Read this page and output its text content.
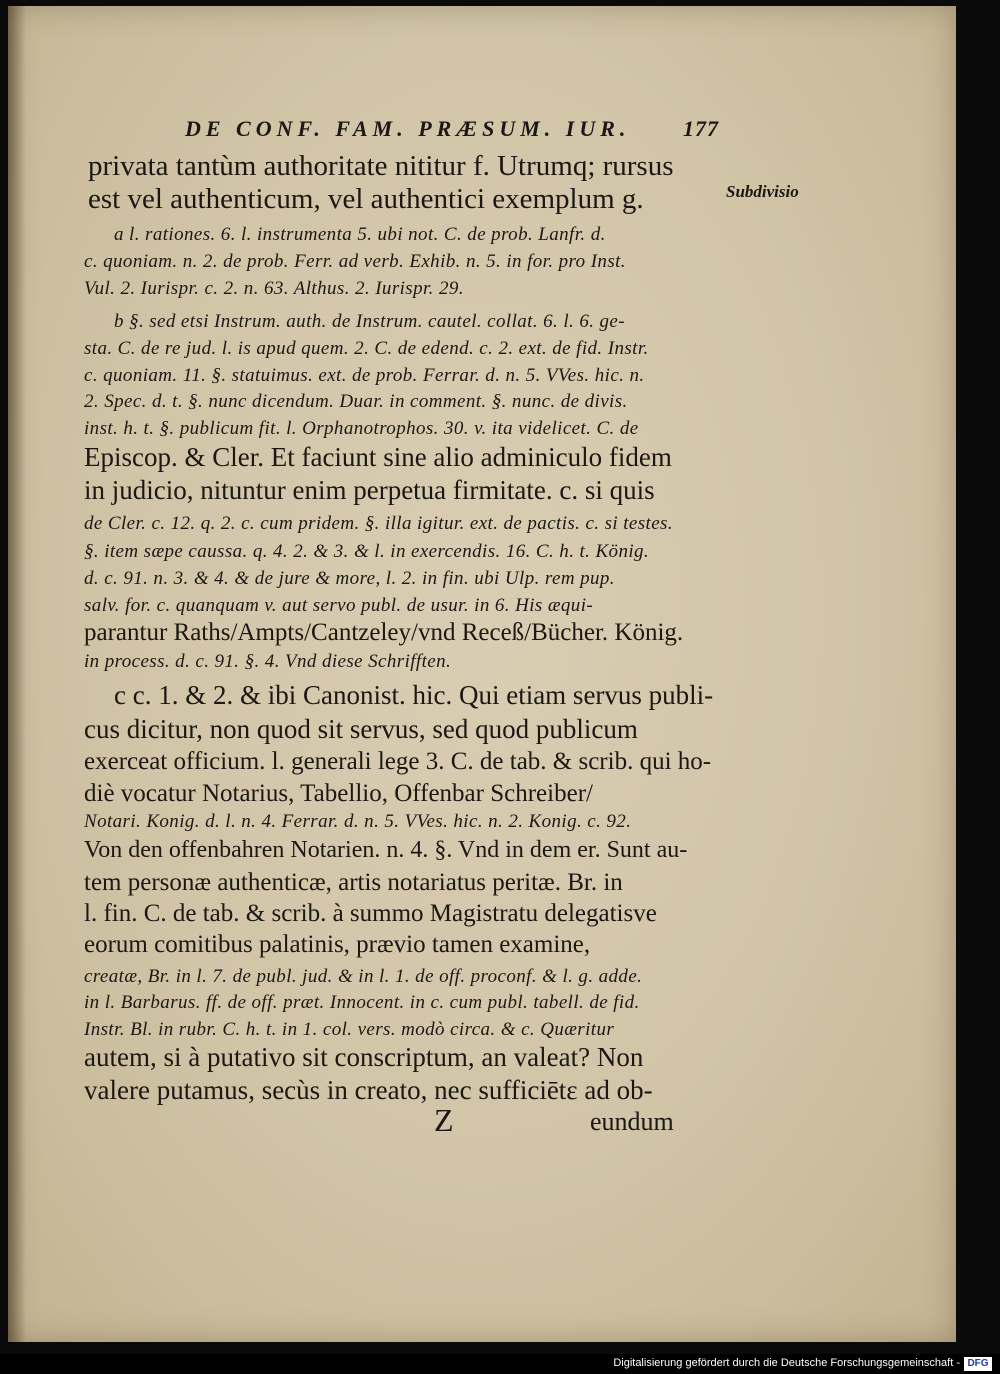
DE CONF. FAM. PRÆSUM. IUR. 177
Subdivisio
privata tantùm authoritate nititur f. Utrumq; rursus
est vel authenticum, vel authentici exemplum g.
a l. rationes. 6. l. instrumenta 5. ubi not. C. de prob. Lanfr. d.
c. quoniam. n. 2. de prob. Ferr. ad verb. Exhib. n. 5. in for. pro Inst.
Vul. 2. Iurispr. c. 2. n. 63. Althus. 2. Iurispr. 29.
b §. sed etsi Instrum. auth. de Instrum. cautel. collat. 6. l. 6. ge-
sta. C. de re jud. l. is apud quem. 2. C. de edend. c. 2. ext. de fid. Instr.
c. quoniam. 11. §. statuimus. ext. de prob. Ferrar. d. n. 5. VVes. hic. n.
2. Spec. d. t. §. nunc dicendum. Duar. in comment. §. nunc. de divis.
inst. h. t. §. publicum fit. l. Orphanotrophos. 30. v. ita videlicet. C. de
Episcop. & Cler. Et faciunt sine alio adminiculo fidem
in judicio, nituntur enim perpetua firmitate. c. si quis
de Cler. c. 12. q. 2. c. cum pridem. §. illa igitur. ext. de pactis. c. si testes.
§. item sæpe caussa. q. 4. 2. & 3. & l. in exercendis. 16. C. h. t. König.
d. c. 91. n. 3. & 4. & de jure & more, l. 2. in fin. ubi Ulp. rem pup.
salv. for. c. quanquam v. aut servo publ. de usur. in 6. His æqui-
parantur Raths/Ampts/Cantzeley/vnd Receß/Bücher. König.
in process. d. c. 91. §. 4. Vnd diese Schrifften.
c c. 1. & 2. & ibi Canonist. hic. Qui etiam servus publi-
cus dicitur, non quod sit servus, sed quod publicum
exerceat officium. l. generali lege 3. C. de tab. & scrib. qui ho-
diè vocatur Notarius, Tabellio, Offenbar Schreiber/
Notari. Konig. d. l. n. 4. Ferrar. d. n. 5. VVes. hic. n. 2. Konig. c. 92.
Von den offenbahren Notarien. n. 4. §. Vnd in dem er. Sunt au-
tem personæ authenticæ, artis notariatus peritæ. Br. in
l. fin. C. de tab. & scrib. à summo Magistratu delegatisve
eorum comitibus palatinis, prævio tamen examine,
creatæ, Br. in l. 7. de publ. jud. & in l. 1. de off. proconf. & l. g. adde.
in l. Barbarus. ff. de off. præt. Innocent. in c. cum publ. tabell. de fid.
Instr. Bl. in rubr. C. h. t. in 1. col. vers. modò circa. & c. Quæritur
autem, si à putativo sit conscriptum, an valeat? Non
valere putamus, secùs in creato, nec sufficiētε ad ob-
Z	eundum
Digitalisierung gefördert durch die Deutsche Forschungsgemeinschaft - DFG
